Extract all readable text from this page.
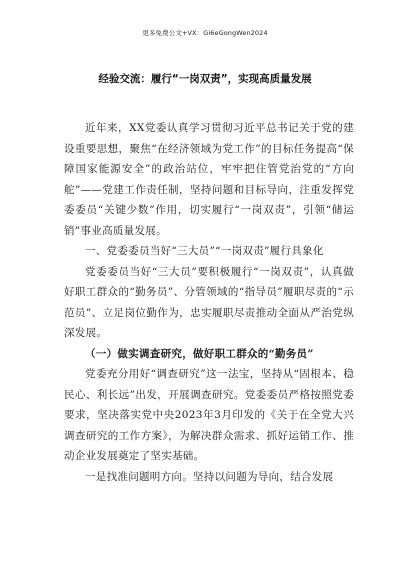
更多免费公文+VX：Gi6eGongWen2024
经验交流：履行“一岗双责”，实现高质量发展

近年来，XX党委认真学习贯彻习近平总书记关于党的建设重要思想，聚焦“在经济领域为党工作”的目标任务提高“保障国家能源安全”的政治站位，牢牢把住管党治党的“方向舵”——党建工作责任制，坚持问题和目标导向，注重发挥党委委员“关键少数”作用，切实履行“一岗双责”，引领“储运销”事业高质量发展。

一、党委委员当好“三大员”“一岗双责”履行具象化

党委委员当好“三大员”要积极履行“一岗双责”，认真做好职工群众的“勤务员”、分管领域的“指导员”履职尽责的“示范员”、立足岗位勤作为，忠实履职尽责推动全面从严治党纵深发展。

（一）做实调查研究，做好职工群众的“勤务员”

党委充分用好“调查研究”这一法宝，坚持从“固根本、稳民心、利长远”出发，开展调查研究。党委委员严格按照党委要求，坚决落实党中央2023年3月印发的《关于在全党大兴调查研究的工作方案》，为解决群众需求、抓好运销工作、推动企业发展奠定了坚实基础。

一是找准问题明方向。坚持以问题为导向，结合发展
